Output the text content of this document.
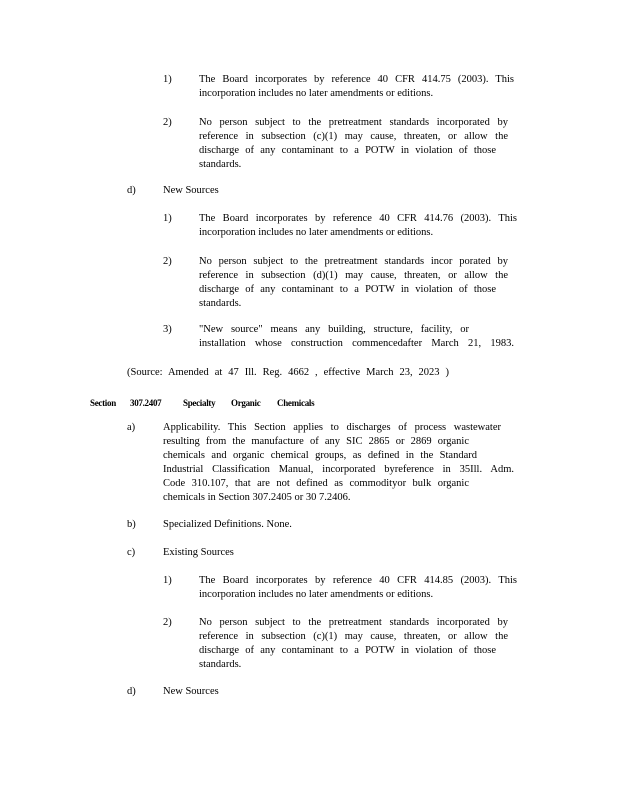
1)	The Board incorporates by reference 40 CFR 414.75 (2003). This
incorporation includes no later amendments or editions.
2)	No person subject to the pretreatment standards incorporated by
reference in subsection (c)(1) may cause, threaten, or allow the
discharge of any contaminant to a POTW in violation of those
standards.
d)	New Sources
1)	The Board incorporates by reference 40 CFR 414.76 (2003). This
incorporation includes no later amendments or editions.
2)	No person subject to the pretreatment standards incor porated by
reference in subsection (d)(1) may cause, threaten, or allow the
discharge of any contaminant to a POTW in violation of those
standards.
3)	"New source" means any building, structure, facility, or
installation whose construction commencedafter March 21, 1983.
(Source: Amended at 47 Ill. Reg. 4662 , effective March 23, 2023 )
Section 307.2407 Specialty Organic Chemicals
a)	Applicability. This Section applies to discharges of process wastewater
resulting from the manufacture of any SIC 2865 or 2869 organic
chemicals and organic chemical groups, as defined in the Standard
Industrial Classification Manual, incorporated byreference in 35Ill. Adm.
Code 310.107, that are not defined as commodityor bulk organic
chemicals in Section 307.2405 or 30 7.2406.
b)	Specialized Definitions. None.
c)	Existing Sources
1)	The Board incorporates by reference 40 CFR 414.85 (2003). This
incorporation includes no later amendments or editions.
2)	No person subject to the pretreatment standards incorporated by
reference in subsection (c)(1) may cause, threaten, or allow the
discharge of any contaminant to a POTW in violation of those
standards.
d)	New Sources
